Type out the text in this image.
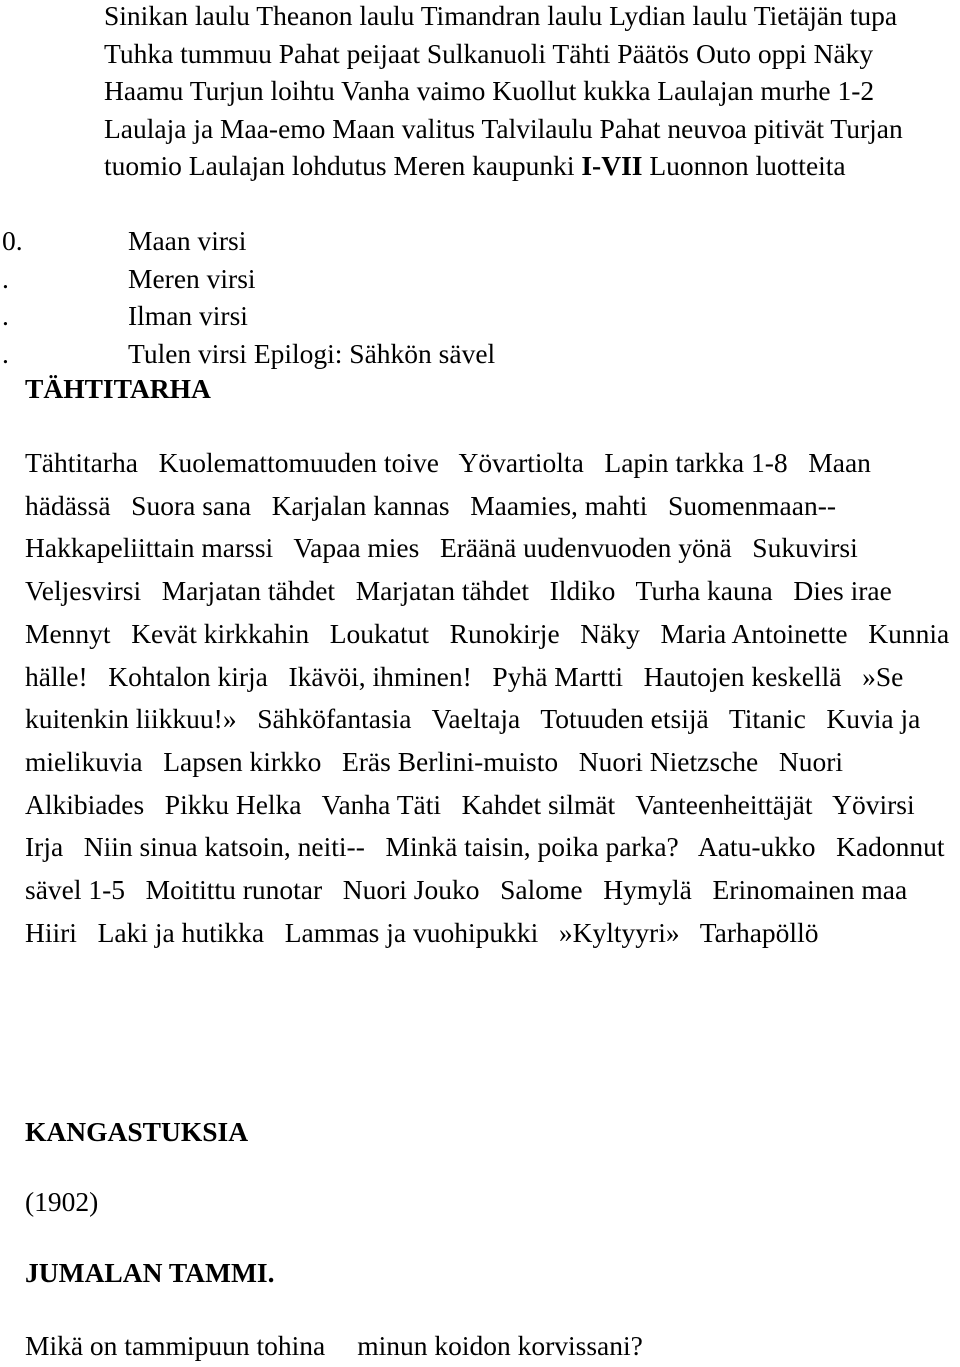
Sinikan laulu Theanon laulu Timandran laulu Lydian laulu Tietäjän tupa Tuhka tummuu Pahat peijaat Sulkanuoli Tähti Päätös Outo oppi Näky Haamu Turjun loihtu Vanha vaimo Kuollut kukka Laulajan murhe 1-2 Laulaja ja Maa-emo Maan valitus Talvilaulu Pahat neuvoa pitivät Turjan tuomio Laulajan lohdutus Meren kaupunki I-VII Luonnon luotteita

0.	Maan virsi
.	Meren virsi
.	Ilman virsi
.	Tulen virsi Epilogi: Sähkön sävel
TÄHTITARHA

Tähtitarha Kuolemattomuuden toive Yövartiolta Lapin tarkka 1-8 Maan hädässä Suora sana Karjalan kannas Maamies, mahti Suomenmaan--   Hakkapeliittain marssi Vapaa mies Eräänä uudenvuoden yönä Sukuvirsi   Veljesvirsi Marjatan tähdet Marjatan tähdet Ildiko Turha kauna Dies irae   Mennyt Kevät kirkkahin Loukatut Runokirje Näky Maria Antoinette Kunnia hälle! Kohtalon kirja Ikävöi, ihminen! Pyhä Martti Hautojen keskellä »Se kuitenkin liikkuu!» Sähköfantasia Vaeltaja Totuuden etsijä Titanic Kuvia ja mielikuvia Lapsen kirkko Eräs Berlini-muisto Nuori Nietzsche Nuori Alkibiades Pikku Helka Vanha Täti Kahdet silmät Vanteenheittäjät Yövirsi   Irja Niin sinua katsoin, neiti-- Minkä taisin, poika parka? Aatu-ukko Kadonnut sävel 1-5 Moitittu runotar Nuori Jouko Salome Hymylä Erinomainen maa   Hiiri Laki ja hutikka Lammas ja vuohipukki »Kyltyyri» Tarhapöllö

KANGASTUKSIA

(1902)

JUMALAN TAMMI.

Mikä on tammipuun tohina minun koidon korvissani?
